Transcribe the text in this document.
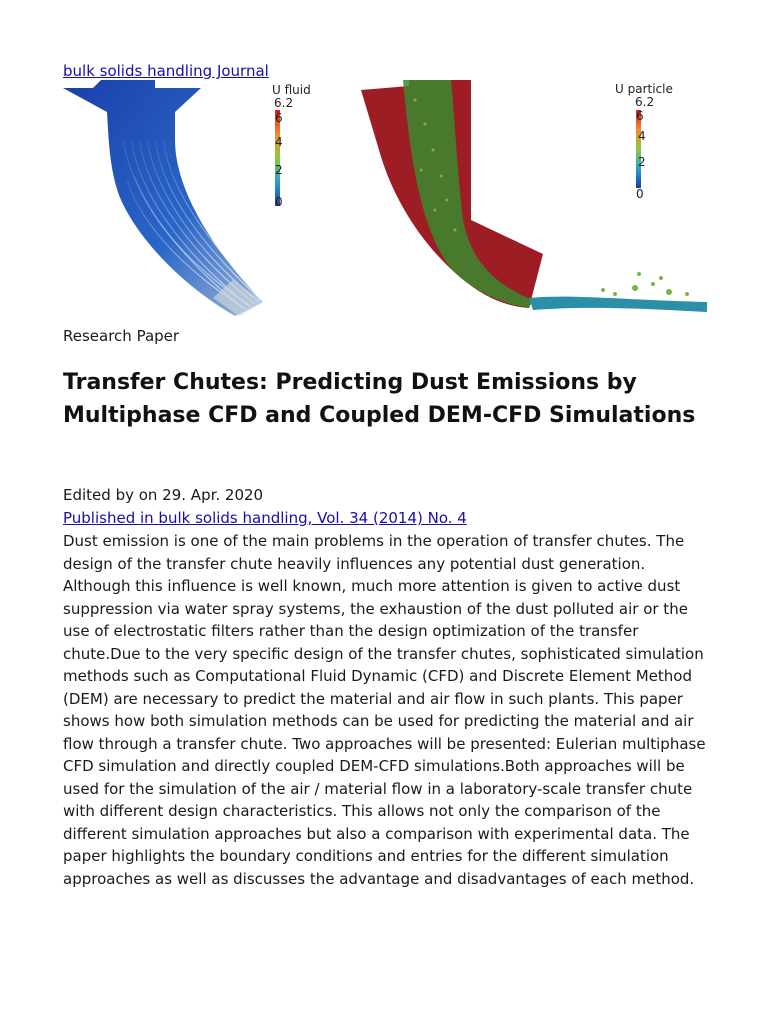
bulk solids handling Journal
U fluid
6.2
6
4
2
0
U particle
6.2
6
4
2
0
Research Paper
Transfer Chutes: Predicting Dust Emissions by Multiphase CFD and Coupled DEM-CFD Simulations
Edited by on 29. Apr. 2020
Published in bulk solids handling, Vol. 34 (2014) No. 4

Dust emission is one of the main problems in the operation of transfer chutes. The design of the transfer chute heavily influences any potential dust generation. Although this influence is well known, much more attention is given to active dust suppression via water spray systems, the exhaustion of the dust polluted air or the use of electrostatic filters rather than the design optimization of the transfer chute.Due to the very specific design of the transfer chutes, sophisticated simulation methods such as Computational Fluid Dynamic (CFD) and Discrete Element Method (DEM) are necessary to predict the material and air flow in such plants. This paper shows how both simulation methods can be used for predicting the material and air flow through a transfer chute. Two approaches will be presented: Eulerian multiphase CFD simulation and directly coupled DEM-CFD simulations.Both approaches will be used for the simulation of the air / material flow in a laboratory-scale transfer chute with different design characteristics. This allows not only the comparison of the different simulation approaches but also a comparison with experimental data. The paper highlights the boundary conditions and entries for the different simulation approaches as well as discusses the advantage and disadvantages of each method.
